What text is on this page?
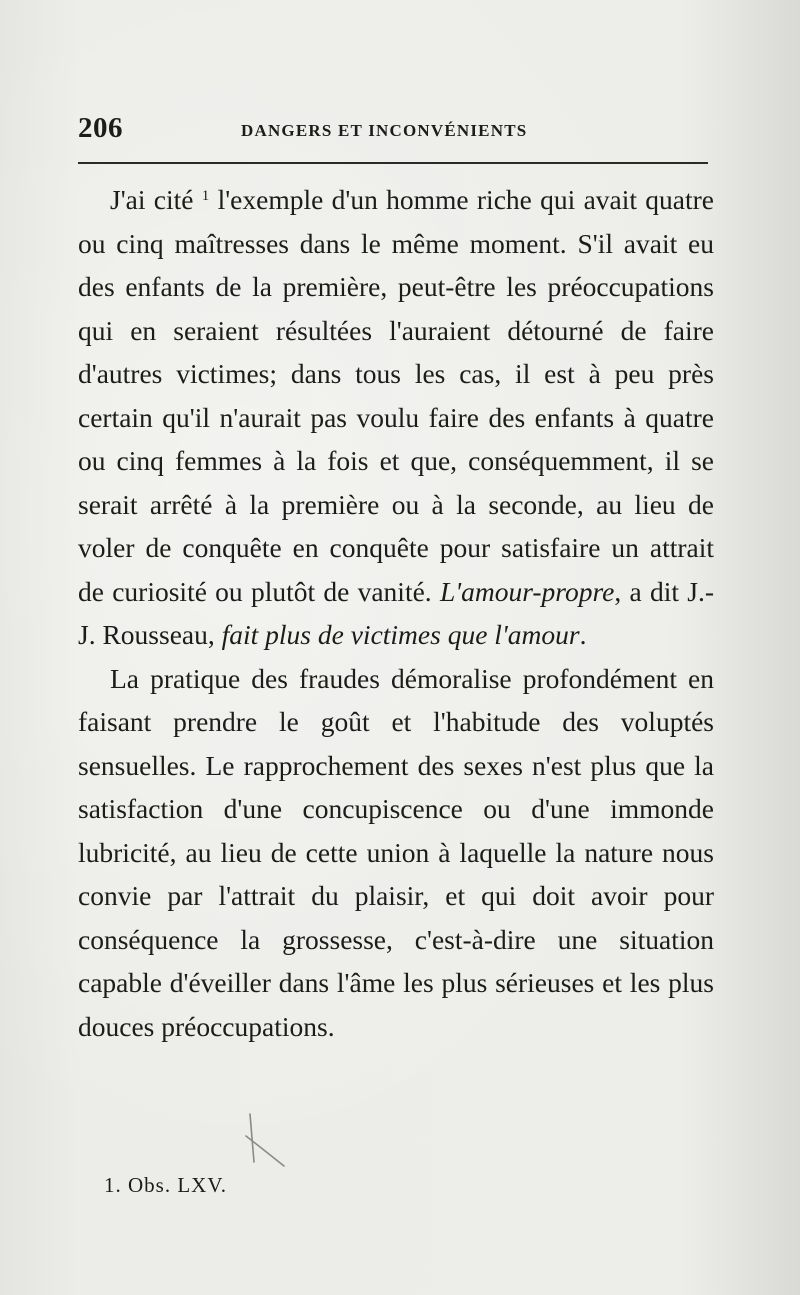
206	DANGERS ET INCONVÉNIENTS

J'ai cité $^1$ l'exemple d'un homme riche qui avait quatre ou cinq maîtresses dans le même moment. S'il avait eu des enfants de la première, peut-être les préoccupations qui en seraient résultées l'auraient détourné de faire d'autres victimes; dans tous les cas, il est à peu près certain qu'il n'aurait pas voulu faire des enfants à quatre ou cinq femmes à la fois et que, conséquemment, il se serait arrêté à la première ou à la seconde, au lieu de voler de conquête en conquête pour satisfaire un attrait de curiosité ou plutôt de vanité. L'amour-propre, a dit J.-J. Rousseau, fait plus de victimes que l'amour.

La pratique des fraudes démoralise profondément en faisant prendre le goût et l'habitude des voluptés sensuelles. Le rapprochement des sexes n'est plus que la satisfaction d'une concupiscence ou d'une immonde lubricité, au lieu de cette union à laquelle la nature nous convie par l'attrait du plaisir, et qui doit avoir pour conséquence la grossesse, c'est-à-dire une situation capable d'éveiller dans l'âme les plus sérieuses et les plus douces préoccupations.

1. Obs. LXV.
